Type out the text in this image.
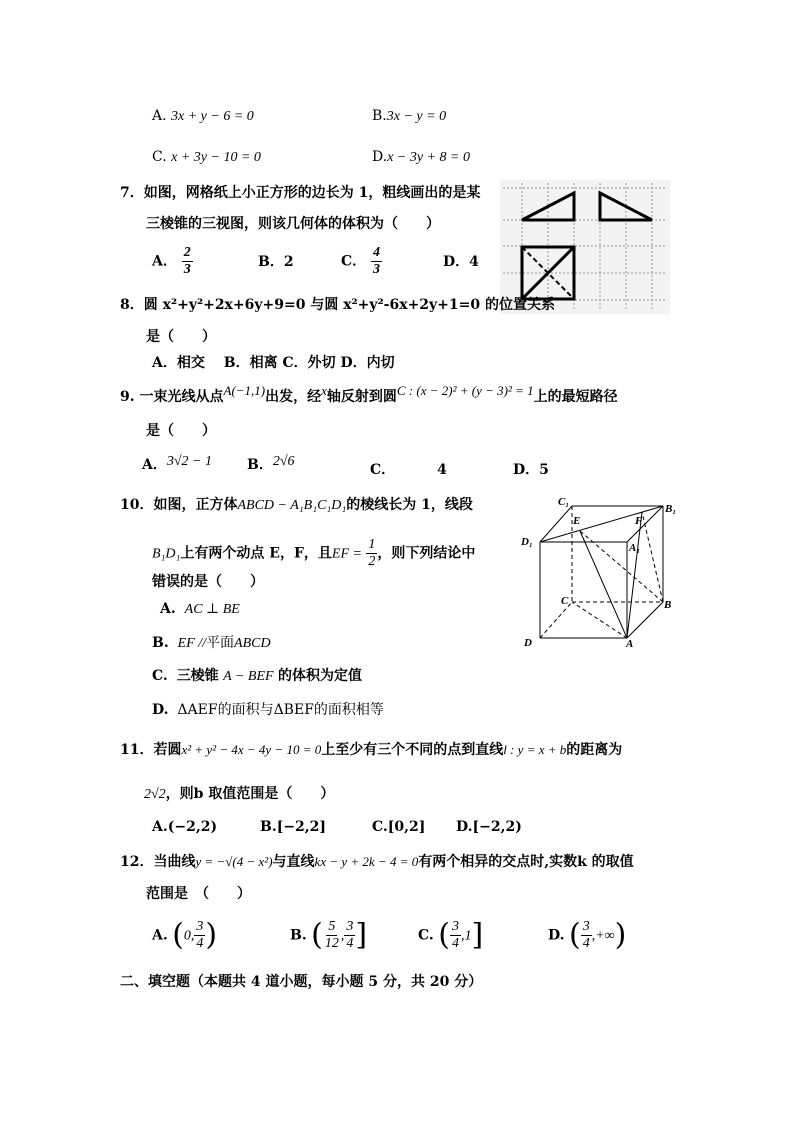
A. 3x + y − 6 = 0	B.3x − y = 0
C. x + 3y − 10 = 0	D.x − 3y + 8 = 0
7．如图，网格纸上小正方形的边长为 1，粗线画出的是某
三棱锥的三视图，则该几何体的体积为（　　）
A． $\frac{2}{3}$	B．2	C． $\frac{4}{3}$	D．4
8．圆 x²+y²+2x+6y+9=0 与圆 x²+y²-6x+2y+1=0 的位置关系
是（　　）
A．相交　 B．相离 C．外切 D．内切
9. 一束光线从点A(−1,1)出发，经x轴反射到圆C : (x − 2)² + (y − 3)² = 1上的最短路径
是（　　）
A．3√2 − 1 B．2√6
C．	4	D．5
10．如图，正方体ABCD − A₁B₁C₁D₁的棱线长为 1，线段
B₁D₁上有两个动点 E，F，且EF = $\frac{1}{2}$ ，则下列结论中
错误的是（　　）
A. AC ⊥ BE
B. EF //平面ABCD
C. 三棱锥 A − BEF 的体积为定值
D. ΔAEF的面积与ΔBEF的面积相等
C₁
B₁
D₁	A₁
E	F
C	B
D	A
11．若圆x² + y² − 4x − 4y − 10 = 0上至少有三个不同的点到直线l : y = x + b的距离为
2√2，则b 取值范围是（　　）
A.(−2,2)	B.[−2,2]	C.[0,2] D.[−2,2)
12．当曲线y = −√(4 − x²)与直线kx − y + 2k − 4 = 0有两个相异的交点时,实数k 的取值
范围是　（　　）
A. (0, $\frac{3}{4}$ )	B. ( $\frac{5}{12}$ , $\frac{3}{4}$ ]	C. ( $\frac{3}{4} ,1$]	D. ( $\frac{3}{4}$ ,+∞)
二、填空题（本题共 4 道小题，每小题 5 分，共 20 分）
